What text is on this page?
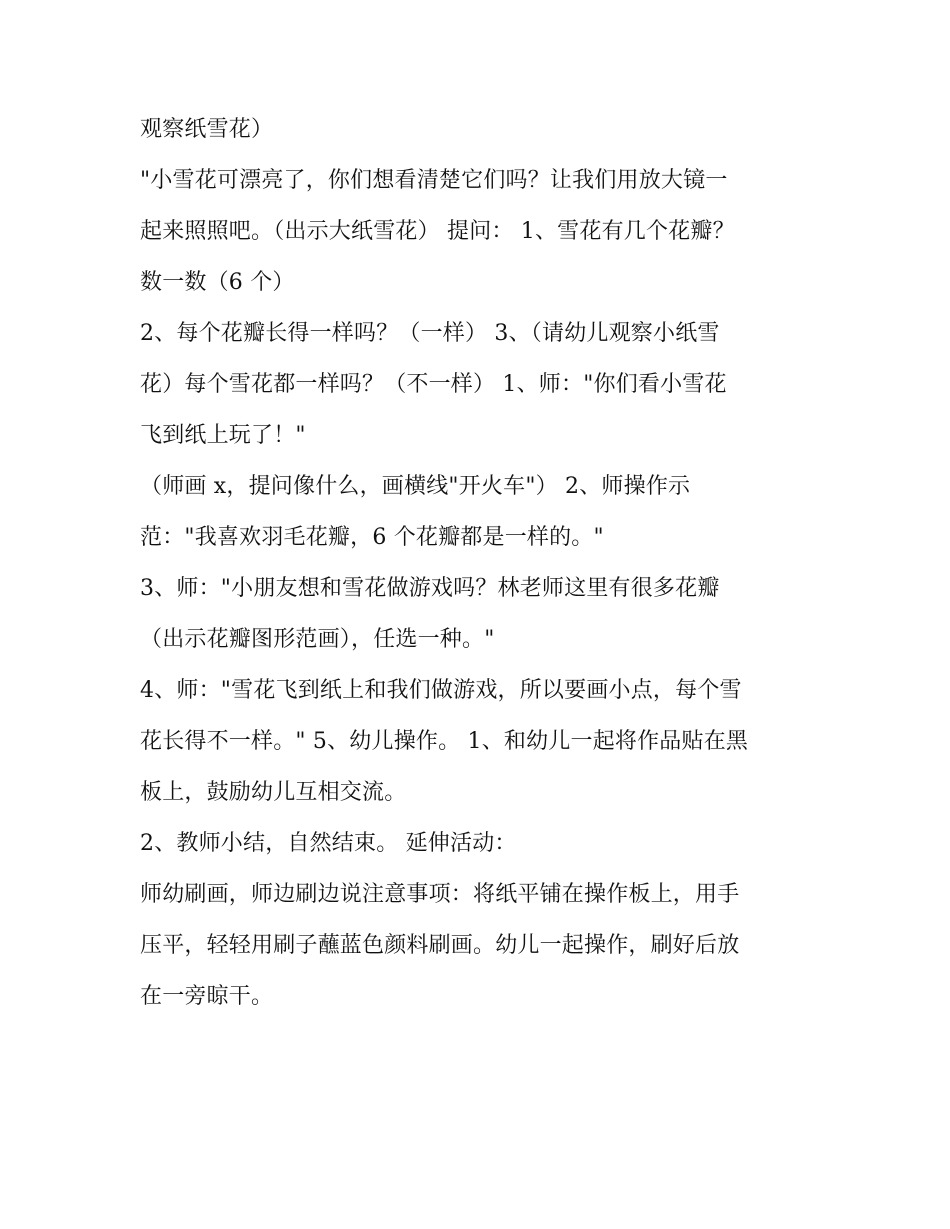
观察纸雪花）
"小雪花可漂亮了，你们想看清楚它们吗？让我们用放大镜一
起来照照吧。（出示大纸雪花） 提问： 1、雪花有几个花瓣？
数一数（6 个）
2、每个花瓣长得一样吗？（一样） 3、（请幼儿观察小纸雪
花）每个雪花都一样吗？（不一样） 1、师："你们看小雪花
飞到纸上玩了！"
（师画 x，提问像什么，画横线"开火车"） 2、师操作示
范："我喜欢羽毛花瓣，6 个花瓣都是一样的。"
3、师："小朋友想和雪花做游戏吗？林老师这里有很多花瓣
（出示花瓣图形范画），任选一种。"
4、师："雪花飞到纸上和我们做游戏，所以要画小点，每个雪
花长得不一样。" 5、幼儿操作。 1、和幼儿一起将作品贴在黑
板上，鼓励幼儿互相交流。
2、教师小结，自然结束。 延伸活动：
师幼刷画，师边刷边说注意事项：将纸平铺在操作板上，用手
压平，轻轻用刷子蘸蓝色颜料刷画。幼儿一起操作，刷好后放
在一旁晾干。
